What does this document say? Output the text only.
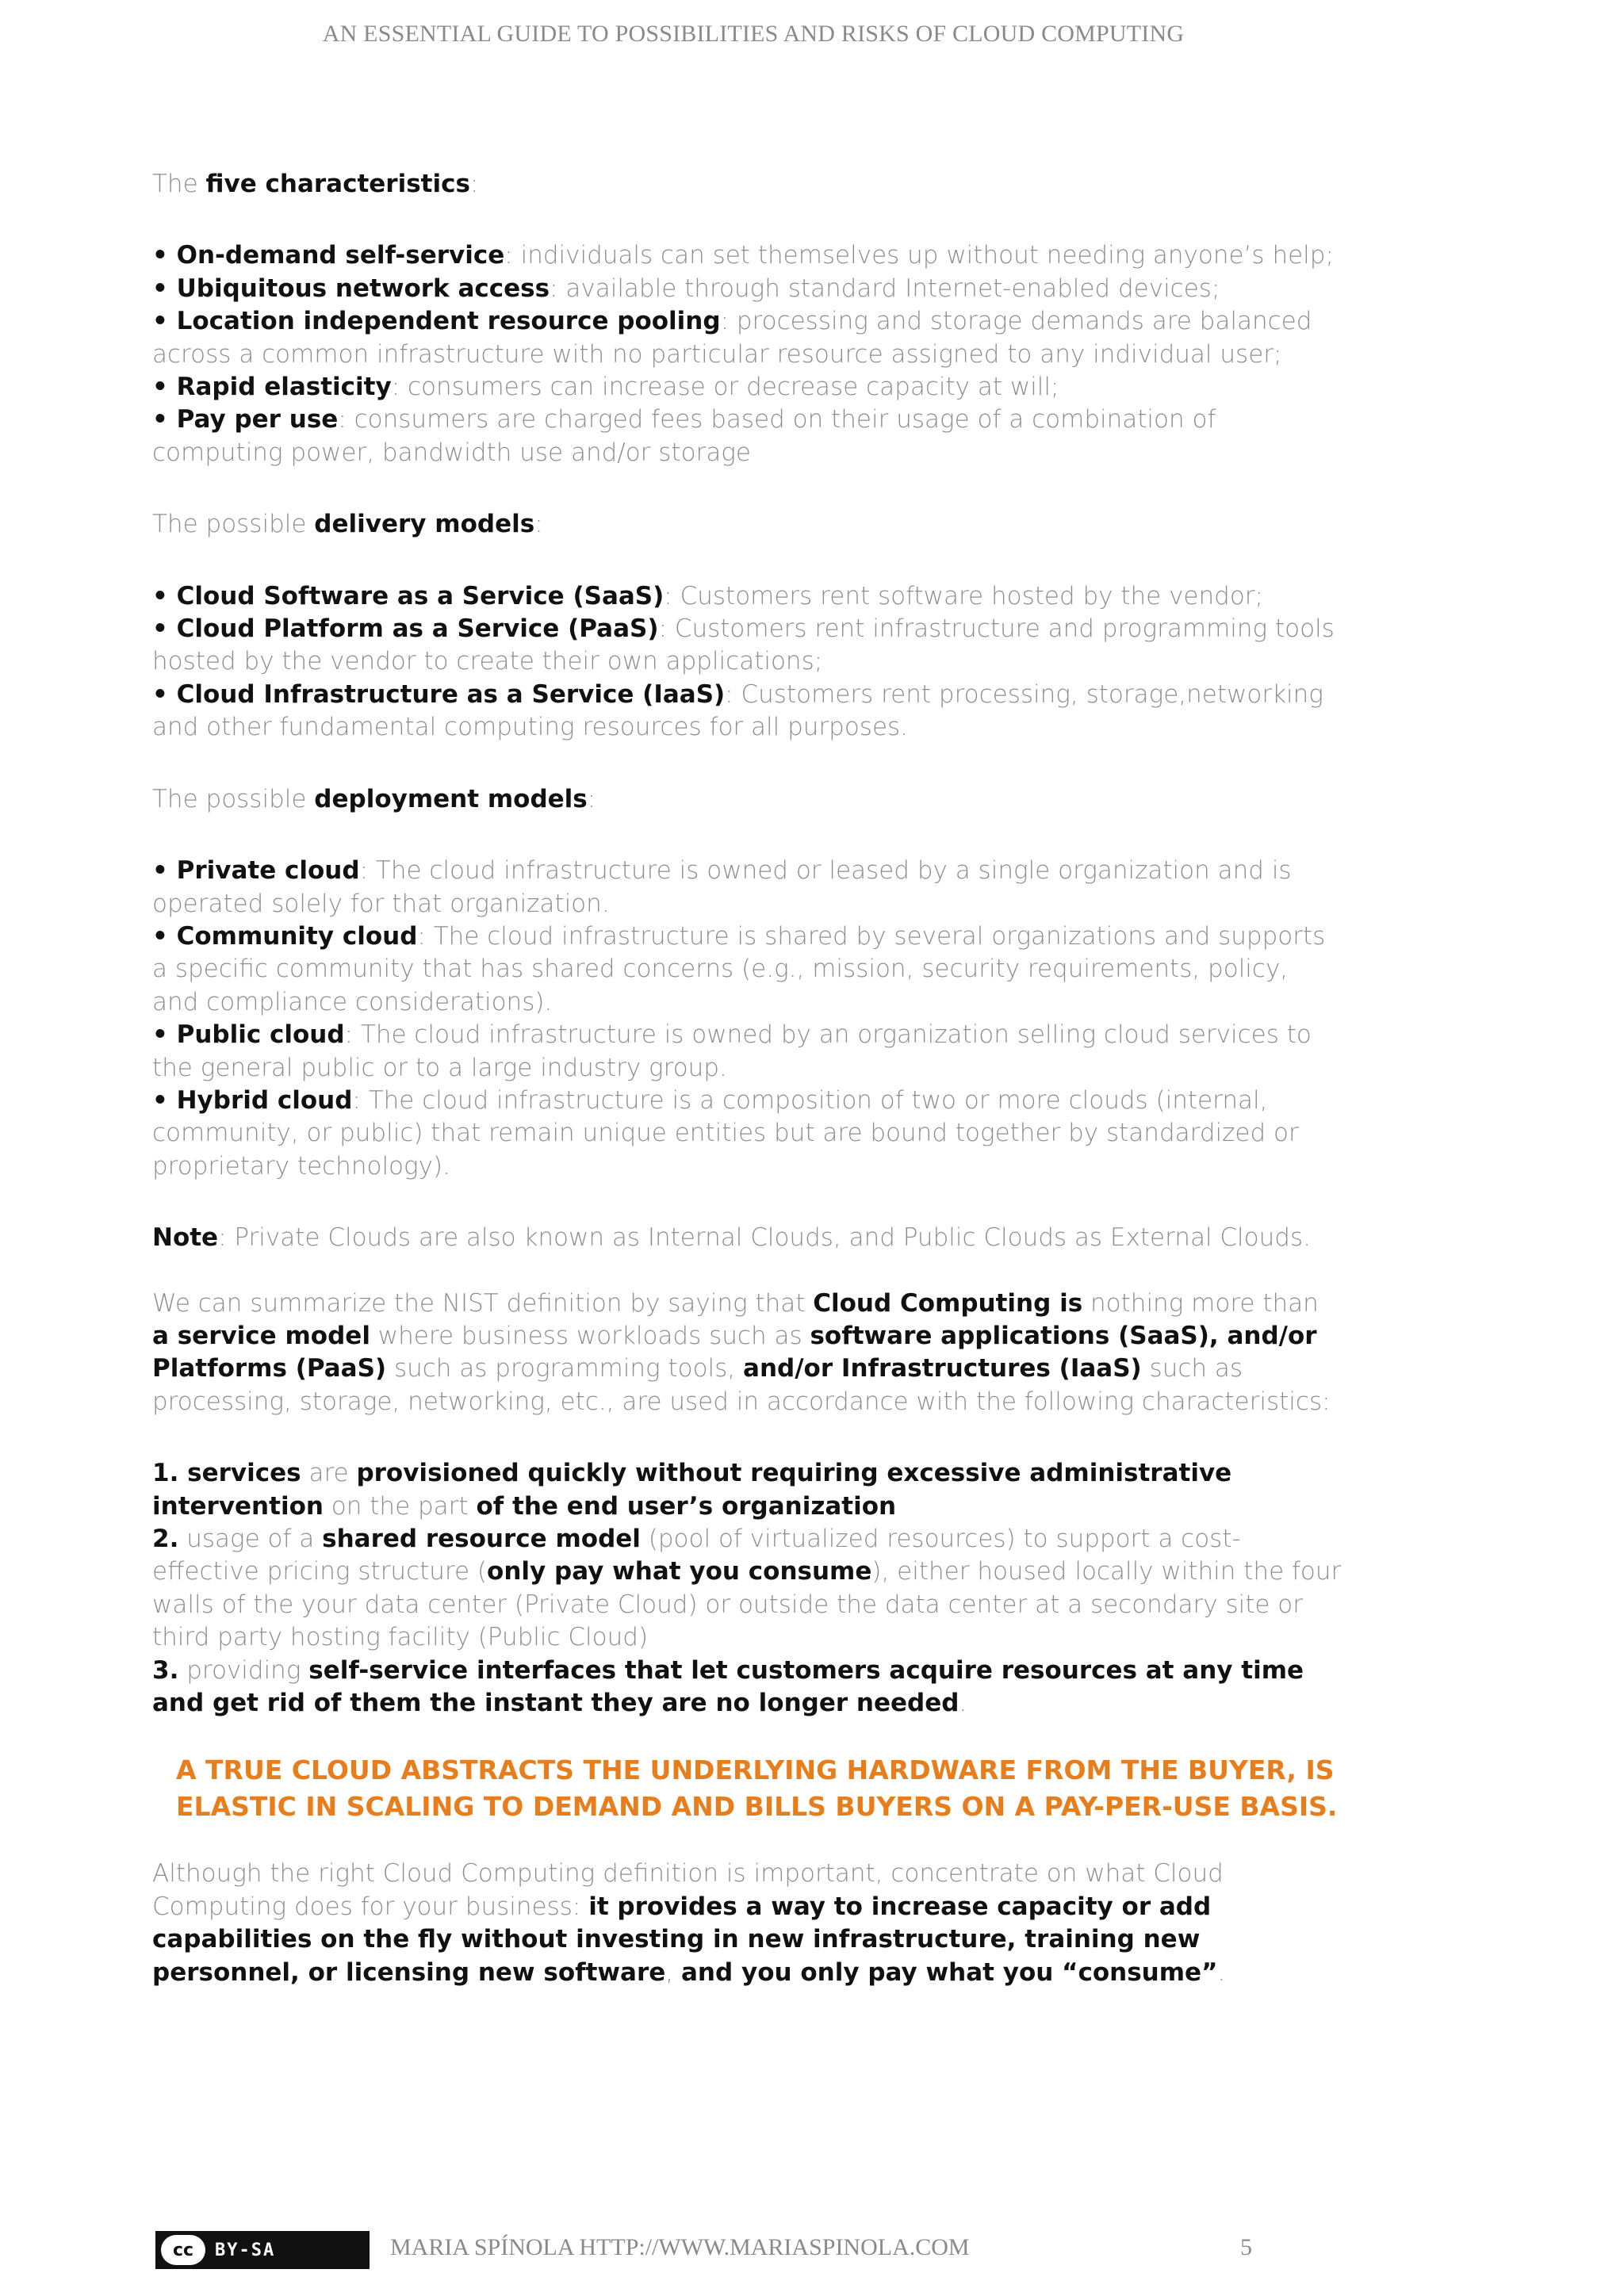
AN ESSENTIAL GUIDE TO POSSIBILITIES AND RISKS OF CLOUD COMPUTING

The five characteristics:

• On-demand self-service: individuals can set themselves up without needing anyone’s help;

• Ubiquitous network access: available through standard Internet-enabled devices;

• Location independent resource pooling: processing and storage demands are balanced across a common infrastructure with no particular resource assigned to any individual user;

• Rapid elasticity: consumers can increase or decrease capacity at will;

• Pay per use: consumers are charged fees based on their usage of a combination of computing power, bandwidth use and/or storage

The possible delivery models:

• Cloud Software as a Service (SaaS): Customers rent software hosted by the vendor;

• Cloud Platform as a Service (PaaS): Customers rent infrastructure and programming tools hosted by the vendor to create their own applications;

• Cloud Infrastructure as a Service (IaaS): Customers rent processing, storage,networking and other fundamental computing resources for all purposes.

The possible deployment models:

• Private cloud: The cloud infrastructure is owned or leased by a single organization and is operated solely for that organization.

• Community cloud: The cloud infrastructure is shared by several organizations and supports a specific community that has shared concerns (e.g., mission, security requirements, policy, and compliance considerations).

• Public cloud: The cloud infrastructure is owned by an organization selling cloud services to the general public or to a large industry group.

• Hybrid cloud: The cloud infrastructure is a composition of two or more clouds (internal, community, or public) that remain unique entities but are bound together by standardized or proprietary technology).

Note: Private Clouds are also known as Internal Clouds, and Public Clouds as External Clouds.

We can summarize the NIST definition by saying that Cloud Computing is nothing more than a service model where business workloads such as software applications (SaaS), and/or Platforms (PaaS) such as programming tools, and/or Infrastructures (IaaS) such as processing, storage, networking, etc., are used in accordance with the following characteristics:

1. services are provisioned quickly without requiring excessive administrative intervention on the part of the end user’s organization

2. usage of a shared resource model (pool of virtualized resources) to support a cost-effective pricing structure (only pay what you consume), either housed locally within the four walls of the your data center (Private Cloud) or outside the data center at a secondary site or third party hosting facility (Public Cloud)

3. providing self-service interfaces that let customers acquire resources at any time and get rid of them the instant they are no longer needed.

A TRUE CLOUD ABSTRACTS THE UNDERLYING HARDWARE FROM THE BUYER, IS
ELASTIC IN SCALING TO DEMAND AND BILLS BUYERS ON A PAY-PER-USE BASIS.

Although the right Cloud Computing definition is important, concentrate on what Cloud Computing does for your business: it provides a way to increase capacity or add capabilities on the fly without investing in new infrastructure, training new personnel, or licensing new software, and you only pay what you “consume”.

cc BY-SA	MARIA SPÍNOLA HTTP://WWW.MARIASPINOLA.COM	5
